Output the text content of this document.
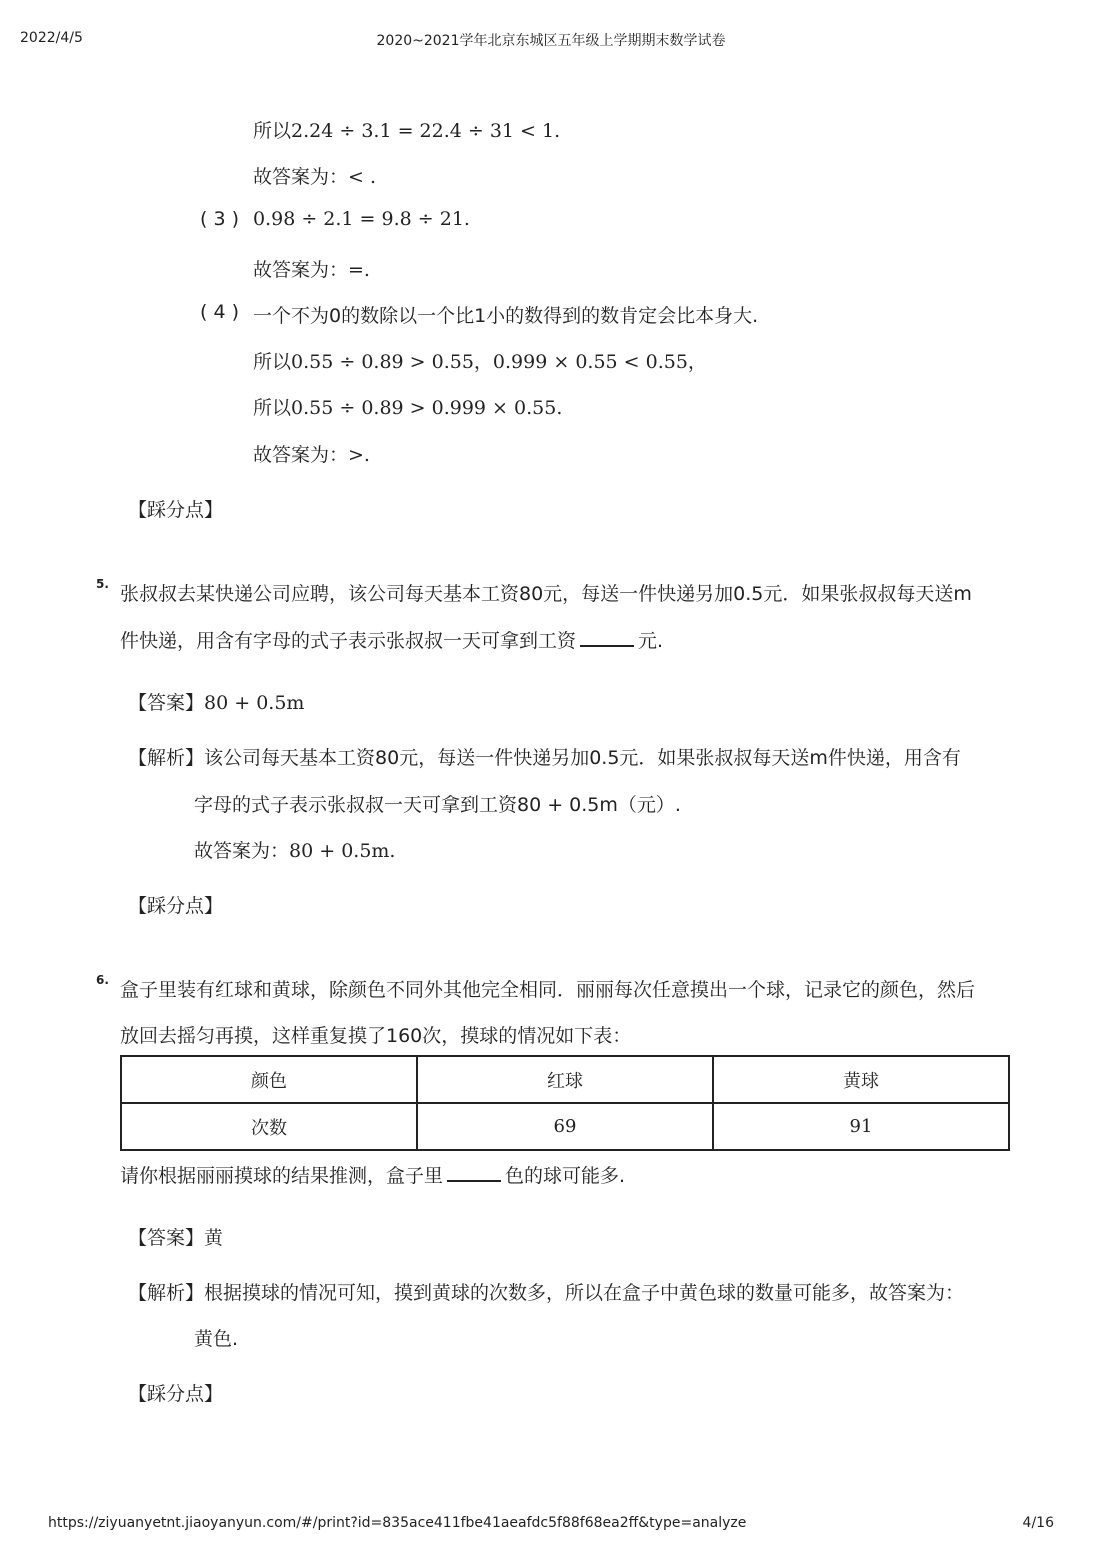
2022/4/5	2020~2021学年北京东城区五年级上学期期末数学试卷
所以2.24 ÷ 3.1 = 22.4 ÷ 31 < 1.
故答案为：< .
( 3 ) 0.98 ÷ 2.1 = 9.8 ÷ 21.
故答案为：=.
( 4 ) 一个不为0的数除以一个比1小的数得到的数肯定会比本身大.
所以0.55 ÷ 0.89 > 0.55，0.999 × 0.55 < 0.55，
所以0.55 ÷ 0.89 > 0.999 × 0.55.
故答案为：>.
【踩分点】
5. 张叔叔去某快递公司应聘，该公司每天基本工资80元，每送一件快递另加0.5元．如果张叔叔每天送m
件快递，用含有字母的式子表示张叔叔一天可拿到工资	元.
【答案】80 + 0.5m
【解析】该公司每天基本工资80元，每送一件快递另加0.5元．如果张叔叔每天送m件快递，用含有
字母的式子表示张叔叔一天可拿到工资80 + 0.5m（元）.
故答案为：80 + 0.5m.
【踩分点】
6. 盒子里装有红球和黄球，除颜色不同外其他完全相同．丽丽每次任意摸出一个球，记录它的颜色，然后
放回去摇匀再摸，这样重复摸了160次，摸球的情况如下表：
颜色	红球	黄球
次数	69	91
请你根据丽丽摸球的结果推测，盒子里	色的球可能多.
【答案】黄
【解析】根据摸球的情况可知，摸到黄球的次数多，所以在盒子中黄色球的数量可能多，故答案为：
黄色.
【踩分点】
https://ziyuanyetnt.jiaoyanyun.com/#/print?id=835ace411fbe41aeafdc5f88f68ea2ff&type=analyze	4/16
